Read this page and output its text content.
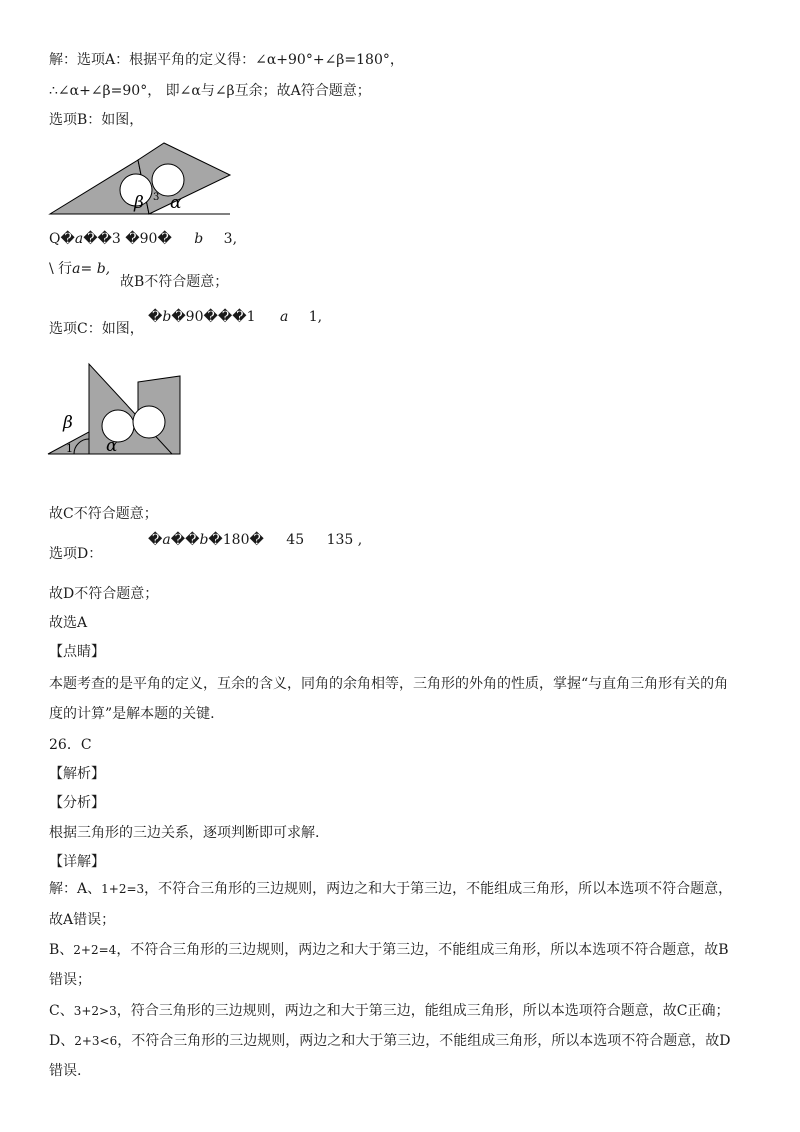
解：选项A：根据平角的定义得：∠α+90°+∠β=180°，
∴∠α+∠β=90°， 即∠α与∠β互余；故A符合题意；
选项B：如图，
β 3 α
Q�a��3 �90� b 3,
\ 行a= b,
故B不符合题意；
�b�90���1 a 1,
选项C：如图，
β
1 α
故C不符合题意；
选项D：
�a��b�180� 45 135 ,
故D不符合题意；
故选A
【点睛】
本题考查的是平角的定义，互余的含义，同角的余角相等，三角形的外角的性质，掌握“与直角三角形有关的角
度的计算”是解本题的关键.
26．C
【解析】
【分析】
根据三角形的三边关系，逐项判断即可求解.
【详解】
解：A、1+2=3，不符合三角形的三边规则，两边之和大于第三边，不能组成三角形，所以本选项不符合题意，
故A错误；
B、2+2=4，不符合三角形的三边规则，两边之和大于第三边，不能组成三角形，所以本选项不符合题意，故B
错误；
C、3+2>3，符合三角形的三边规则，两边之和大于第三边，能组成三角形，所以本选项符合题意，故C正确；
D、2+3<6，不符合三角形的三边规则，两边之和大于第三边，不能组成三角形，所以本选项不符合题意，故D
错误.
